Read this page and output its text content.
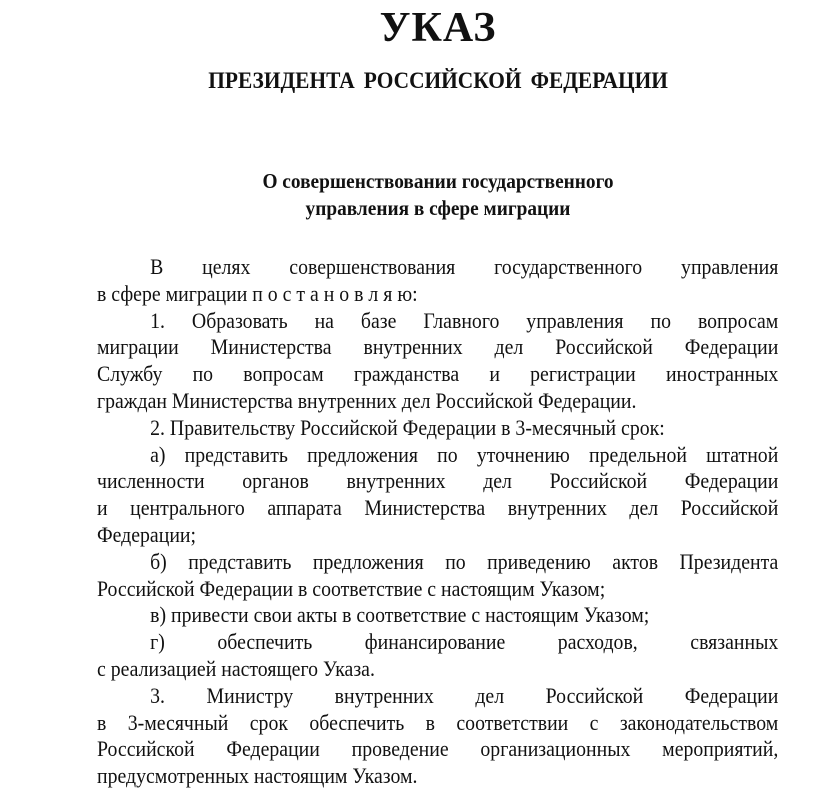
УКАЗ
ПРЕЗИДЕНТА РОССИЙСКОЙ ФЕДЕРАЦИИ
О совершенствовании государственного
управления в сфере миграции
В целях совершенствования государственного управления
в сфере миграции п о с т а н о в л я ю:
1. Образовать на базе Главного управления по вопросам
миграции Министерства внутренних дел Российской Федерации
Службу по вопросам гражданства и регистрации иностранных
граждан Министерства внутренних дел Российской Федерации.
2. Правительству Российской Федерации в 3-месячный срок:
а) представить предложения по уточнению предельной штатной
численности органов внутренних дел Российской Федерации
и центрального аппарата Министерства внутренних дел Российской
Федерации;
б) представить предложения по приведению актов Президента
Российской Федерации в соответствие с настоящим Указом;
в) привести свои акты в соответствие с настоящим Указом;
г) обеспечить финансирование расходов, связанных
с реализацией настоящего Указа.
3. Министру внутренних дел Российской Федерации
в 3-месячный срок обеспечить в соответствии с законодательством
Российской Федерации проведение организационных мероприятий,
предусмотренных настоящим Указом.
